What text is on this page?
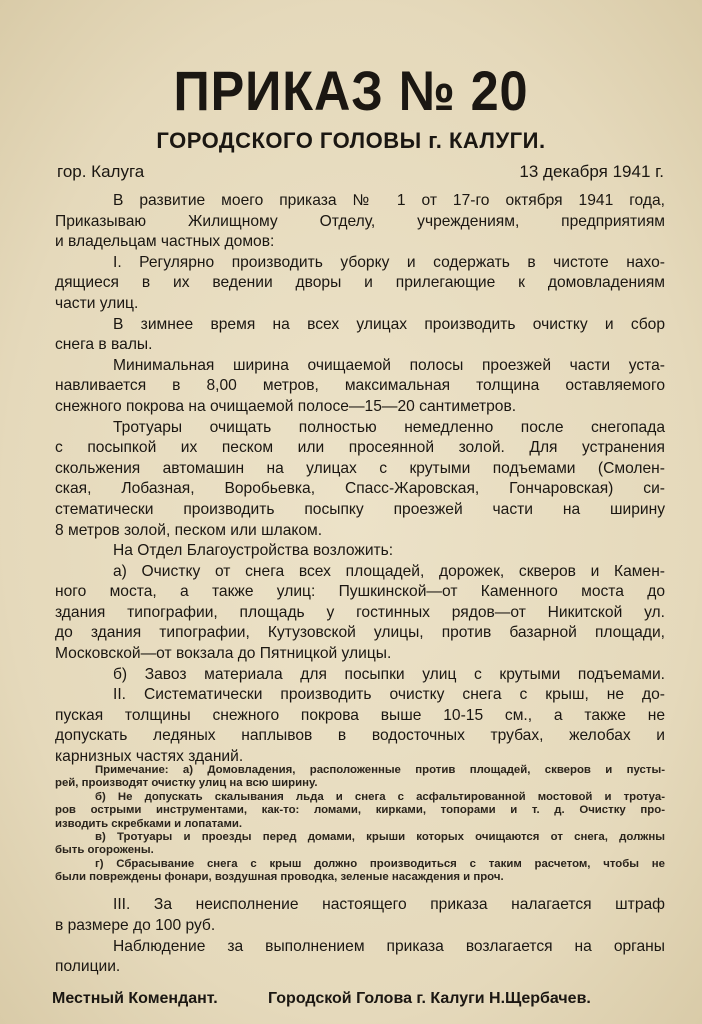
ПРИКАЗ № 20
ГОРОДСКОГО ГОЛОВЫ г. КАЛУГИ.
гор. Калуга	13 декабря 1941 г.
В развитие моего приказа № 1 от 17-го октября 1941 года,
Приказываю Жилищному Отделу, учреждениям, предприятиям
и владельцам частных домов:
I. Регулярно производить уборку и содержать в чистоте нахо-
дящиеся в их ведении дворы и прилегающие к домовладениям
части улиц.
В зимнее время на всех улицах производить очистку и сбор
снега в валы.
Минимальная ширина очищаемой полосы проезжей части уста-
навливается в 8,00 метров, максимальная толщина оставляемого
снежного покрова на очищаемой полосе—15—20 сантиметров.
Тротуары очищать полностью немедленно после снегопада
с посыпкой их песком или просеянной золой. Для устранения
скольжения автомашин на улицах с крутыми подъемами (Смолен-
ская, Лобазная, Воробьевка, Спасс-Жаровская, Гончаровская) си-
стематически производить посыпку проезжей части на ширину
8 метров золой, песком или шлаком.
На Отдел Благоустройства возложить:
а) Очистку от снега всех площадей, дорожек, скверов и Камен-
ного моста, а также улиц: Пушкинской—от Каменного моста до
здания типографии, площадь у гостинных рядов—от Никитской ул.
до здания типографии, Кутузовской улицы, против базарной площади,
Московской—от вокзала до Пятницкой улицы.
б) Завоз материала для посыпки улиц с крутыми подъемами.
II. Систематически производить очистку снега с крыш, не до-
пуская толщины снежного покрова выше 10-15 см., а также не
допускать ледяных наплывов в водосточных трубах, желобах и
карнизных частях зданий.
Примечание: а) Домовладения, расположенные против площадей, скверов и пусты-
рей, производят очистку улиц на всю ширину.
б) Не допускать скалывания льда и снега с асфальтированной мостовой и тротуа-
ров острыми инструментами, как-то: ломами, кирками, топорами и т. д. Очистку про-
изводить скребками и лопатами.
в) Тротуары и проезды перед домами, крыши которых очищаются от снега, должны
быть огорожены.
г) Сбрасывание снега с крыш должно производиться с таким расчетом, чтобы не
были повреждены фонари, воздушная проводка, зеленые насаждения и проч.
III. За неисполнение настоящего приказа налагается штраф
в размере до 100 руб.
Наблюдение за выполнением приказа возлагается на органы
полиции.
Местный Комендант.	Городской Голова г. Калуги Н.Щербачев.
